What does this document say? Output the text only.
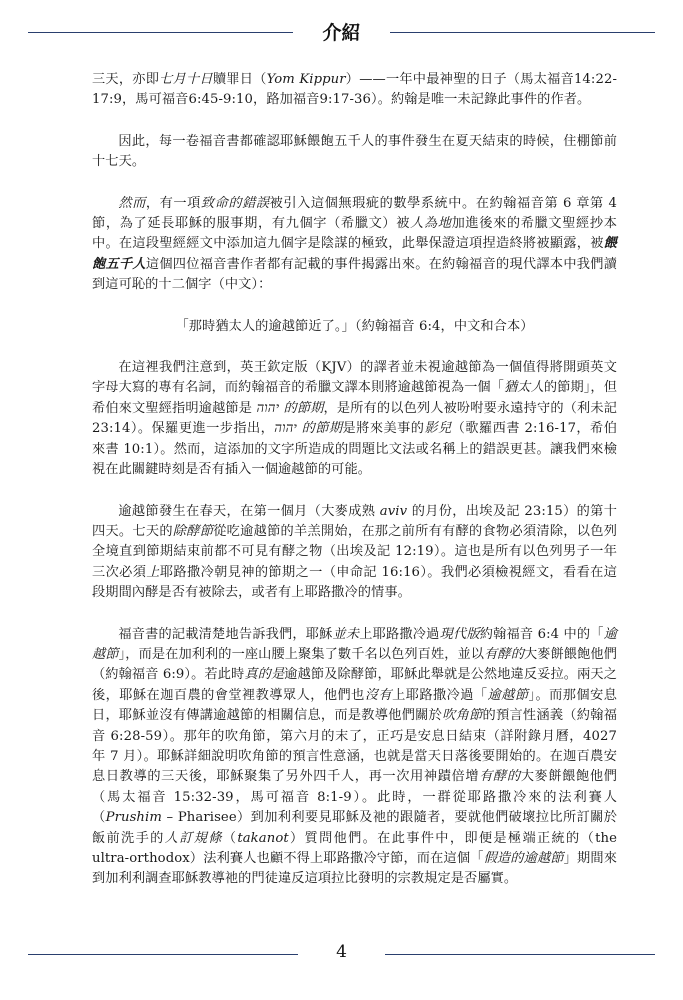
介紹

三天，亦即七月十日贖罪日（Yom Kippur）——一年中最神聖的日子（馬太福音14:22-17:9，馬可福音6:45-9:10，路加福音9:17-36）。約翰是唯一未記錄此事件的作者。

因此，每一卷福音書都確認耶穌餵飽五千人的事件發生在夏天結束的時候，住棚節前十七天。

然而，有一項致命的錯誤被引入這個無瑕疵的數學系統中。在約翰福音第 6 章第 4 節，為了延長耶穌的服事期，有九個字（希臘文）被人為地加進後來的希臘文聖經抄本中。在這段聖經經文中添加這九個字是陰謀的極致，此舉保證這項捏造終將被顯露，被餵飽五千人這個四位福音書作者都有記載的事件揭露出來。在約翰福音的現代譯本中我們讀到這可恥的十二個字（中文）：

「那時猶太人的逾越節近了。」（約翰福音 6:4，中文和合本）

在這裡我們注意到，英王欽定版（KJV）的譯者並未視逾越節為一個值得將開頭英文字母大寫的專有名詞，而約翰福音的希臘文譯本則將逾越節視為一個「猶太人的節期」，但希伯來文聖經指明逾越節是 יהוה 的節期，是所有的以色列人被吩咐要永遠持守的（利未記 23:14）。保羅更進一步指出，יהוה 的節期是將來美事的影兒（歌羅西書 2:16-17，希伯來書 10:1）。然而，這添加的文字所造成的問題比文法或名稱上的錯誤更甚。讓我們來檢視在此關鍵時刻是否有插入一個逾越節的可能。

逾越節發生在春天，在第一個月（大麥成熟 aviv 的月份，出埃及記 23:15）的第十四天。七天的除酵節從吃逾越節的羊羔開始，在那之前所有有酵的食物必須清除，以色列全境直到節期結束前都不可見有酵之物（出埃及記 12:19）。這也是所有以色列男子一年三次必須上耶路撒冷朝見神的節期之一（申命記 16:16）。我們必須檢視經文，看看在這段期間內酵是否有被除去，或者有上耶路撒冷的情事。

福音書的記載清楚地告訴我們，耶穌並未上耶路撒冷過現代版約翰福音 6:4 中的「逾越節」，而是在加利利的一座山腰上聚集了數千名以色列百姓，並以有酵的大麥餅餵飽他們（約翰福音 6:9）。若此時真的是逾越節及除酵節，耶穌此舉就是公然地違反妥拉。兩天之後，耶穌在迦百農的會堂裡教導眾人，他們也沒有上耶路撒冷過「逾越節」。而那個安息日，耶穌並沒有傳講逾越節的相關信息，而是教導他們關於吹角節的預言性涵義（約翰福音 6:28-59）。那年的吹角節，第六月的末了，正巧是安息日結束（詳附錄月曆，4027 年 7 月）。耶穌詳細說明吹角節的預言性意涵，也就是當天日落後要開始的。在迦百農安息日教導的三天後，耶穌聚集了另外四千人，再一次用神蹟倍增有酵的大麥餅餵飽他們（馬太福音 15:32-39，馬可福音 8:1-9）。此時，一群從耶路撒冷來的法利賽人（Prushim – Pharisee）到加利利要見耶穌及祂的跟隨者，要就他們破壞拉比所訂關於飯前洗手的人訂規條（takanot）質問他們。在此事件中，即便是極端正統的（the ultra-orthodox）法利賽人也顧不得上耶路撒冷守節，而在這個「假造的逾越節」期間來到加利利調查耶穌教導祂的門徒違反這項拉比發明的宗教規定是否屬實。

4
